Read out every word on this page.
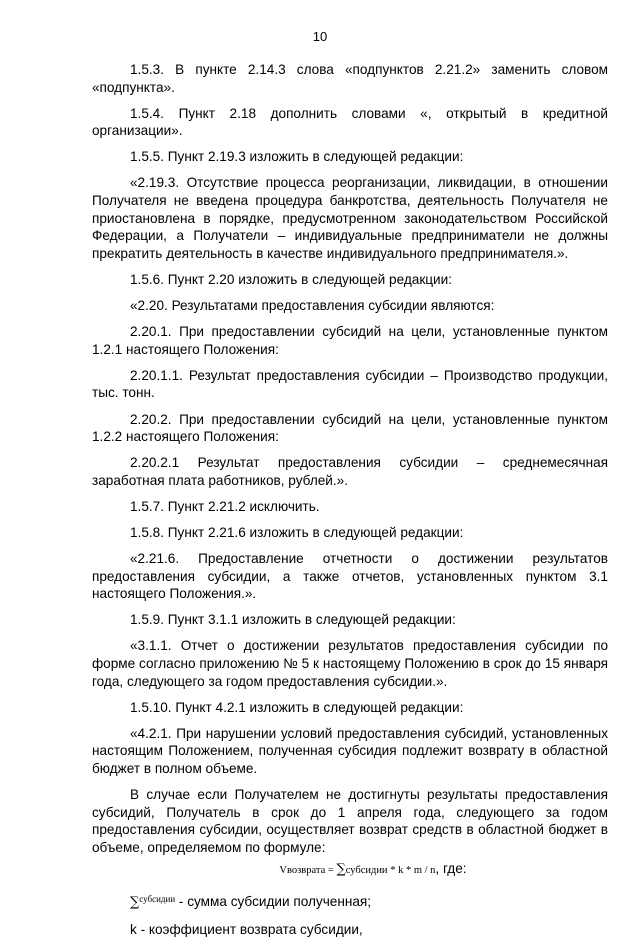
10

1.5.3. В пункте 2.14.3 слова «подпунктов 2.21.2» заменить словом «подпункта».

1.5.4. Пункт 2.18 дополнить словами «, открытый в кредитной организации».

1.5.5. Пункт 2.19.3 изложить в следующей редакции:

«2.19.3. Отсутствие процесса реорганизации, ликвидации, в отношении Получателя не введена процедура банкротства, деятельность Получателя не приостановлена в порядке, предусмотренном законодательством Российской Федерации, а Получатели – индивидуальные предприниматели не должны прекратить деятельность в качестве индивидуального предпринимателя.».

1.5.6. Пункт 2.20 изложить в следующей редакции:

«2.20. Результатами предоставления субсидии являются:

2.20.1. При предоставлении субсидий на цели, установленные пунктом 1.2.1 настоящего Положения:

2.20.1.1. Результат предоставления субсидии – Производство продукции, тыс. тонн.

2.20.2. При предоставлении субсидий на цели, установленные пунктом 1.2.2 настоящего Положения:

2.20.2.1 Результат предоставления субсидии – среднемесячная заработная плата работников, рублей.».

1.5.7. Пункт 2.21.2 исключить.

1.5.8. Пункт 2.21.6 изложить в следующей редакции:

«2.21.6. Предоставление отчетности о достижении результатов предоставления субсидии, а также отчетов, установленных пунктом 3.1 настоящего Положения.».

1.5.9. Пункт 3.1.1 изложить в следующей редакции:

«3.1.1. Отчет о достижении результатов предоставления субсидии по форме согласно приложению № 5 к настоящему Положению в срок до 15 января года, следующего за годом предоставления субсидии.».

1.5.10. Пункт 4.2.1 изложить в следующей редакции:

«4.2.1. При нарушении условий предоставления субсидий, установленных настоящим Положением, полученная субсидия подлежит возврату в областной бюджет в полном объеме.

В случае если Получателем не достигнуты результаты предоставления субсидий, Получатель в срок до 1 апреля года, следующего за годом предоставления субсидии, осуществляет возврат средств в областной бюджет в объеме, определяемом по формуле:

Vвозврата = ∑субсидии * k * m / n, где:

∑$^{субсидии}$ - сумма субсидии полученная;

k - коэффициент возврата субсидии,
